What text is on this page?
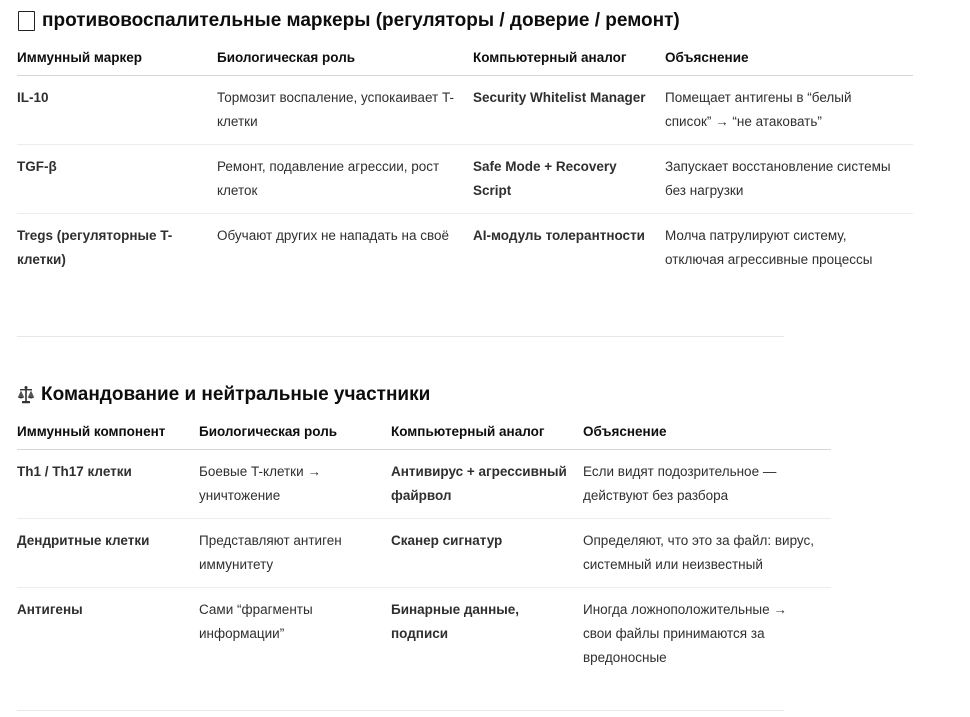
противовоспалительные маркеры (регуляторы / доверие / ремонт)
Иммунный маркер	Биологическая роль	Компьютерный аналог	Объяснение
IL-10	Тормозит воспаление, успокаивает T-клетки	Security Whitelist Manager	Помещает антигены в “белый список” → “не атаковать”
TGF-β	Ремонт, подавление агрессии, рост клеток	Safe Mode + Recovery Script	Запускает восстановление системы без нагрузки
Tregs (регуляторные T-клетки)	Обучают других не нападать на своё	AI-модуль толерантности	Молча патрулируют систему, отключая агрессивные процессы
Командование и нейтральные участники
Иммунный компонент	Биологическая роль	Компьютерный аналог	Объяснение
Th1 / Th17 клетки	Боевые T-клетки → уничтожение	Антивирус + агрессивный файрвол	Если видят подозрительное — действуют без разбора
Дендритные клетки	Представляют антиген иммунитету	Сканер сигнатур	Определяют, что это за файл: вирус, системный или неизвестный
Антигены	Сами “фрагменты информации”	Бинарные данные, подписи	Иногда ложноположительные → свои файлы принимаются за вредоносные
